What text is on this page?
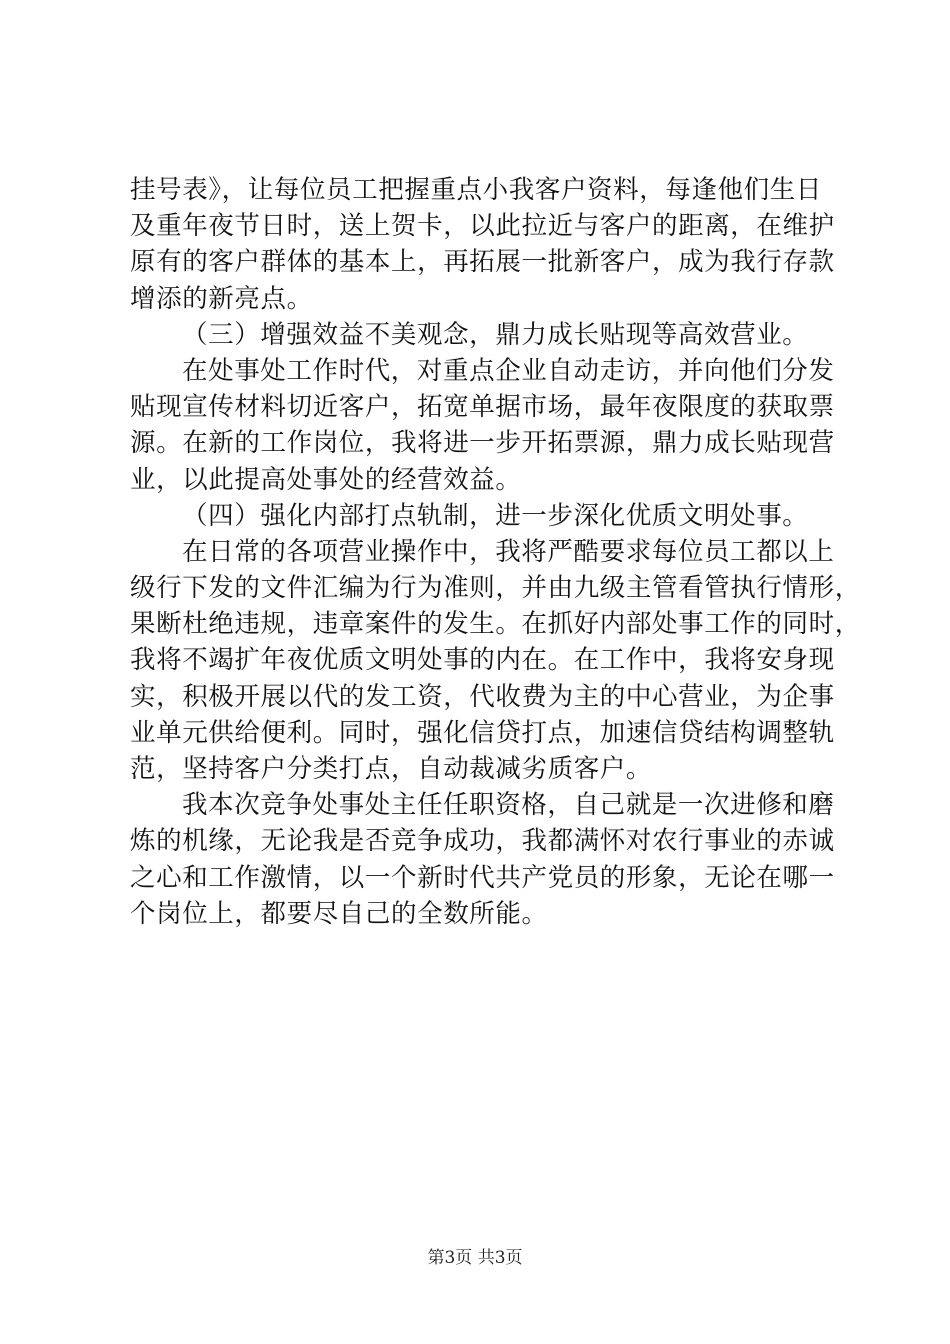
挂号表》，让每位员工把握重点小我客户资料，每逢他们生日
及重年夜节日时，送上贺卡，以此拉近与客户的距离，在维护
原有的客户群体的基本上，再拓展一批新客户，成为我行存款
增添的新亮点。
（三）增强效益不美观念，鼎力成长贴现等高效营业。
在处事处工作时代，对重点企业自动走访，并向他们分发
贴现宣传材料切近客户，拓宽单据市场，最年夜限度的获取票
源。在新的工作岗位，我将进一步开拓票源，鼎力成长贴现营
业，以此提高处事处的经营效益。
（四）强化内部打点轨制，进一步深化优质文明处事。
在日常的各项营业操作中，我将严酷要求每位员工都以上
级行下发的文件汇编为行为准则，并由九级主管看管执行情形，
果断杜绝违规，违章案件的发生。在抓好内部处事工作的同时，
我将不竭扩年夜优质文明处事的内在。在工作中，我将安身现
实，积极开展以代的发工资，代收费为主的中心营业，为企事
业单元供给便利。同时，强化信贷打点，加速信贷结构调整轨
范，坚持客户分类打点，自动裁减劣质客户。
我本次竞争处事处主任任职资格，自己就是一次进修和磨
炼的机缘，无论我是否竞争成功，我都满怀对农行事业的赤诚
之心和工作激情，以一个新时代共产党员的形象，无论在哪一
个岗位上，都要尽自己的全数所能。
第3页 共3页
